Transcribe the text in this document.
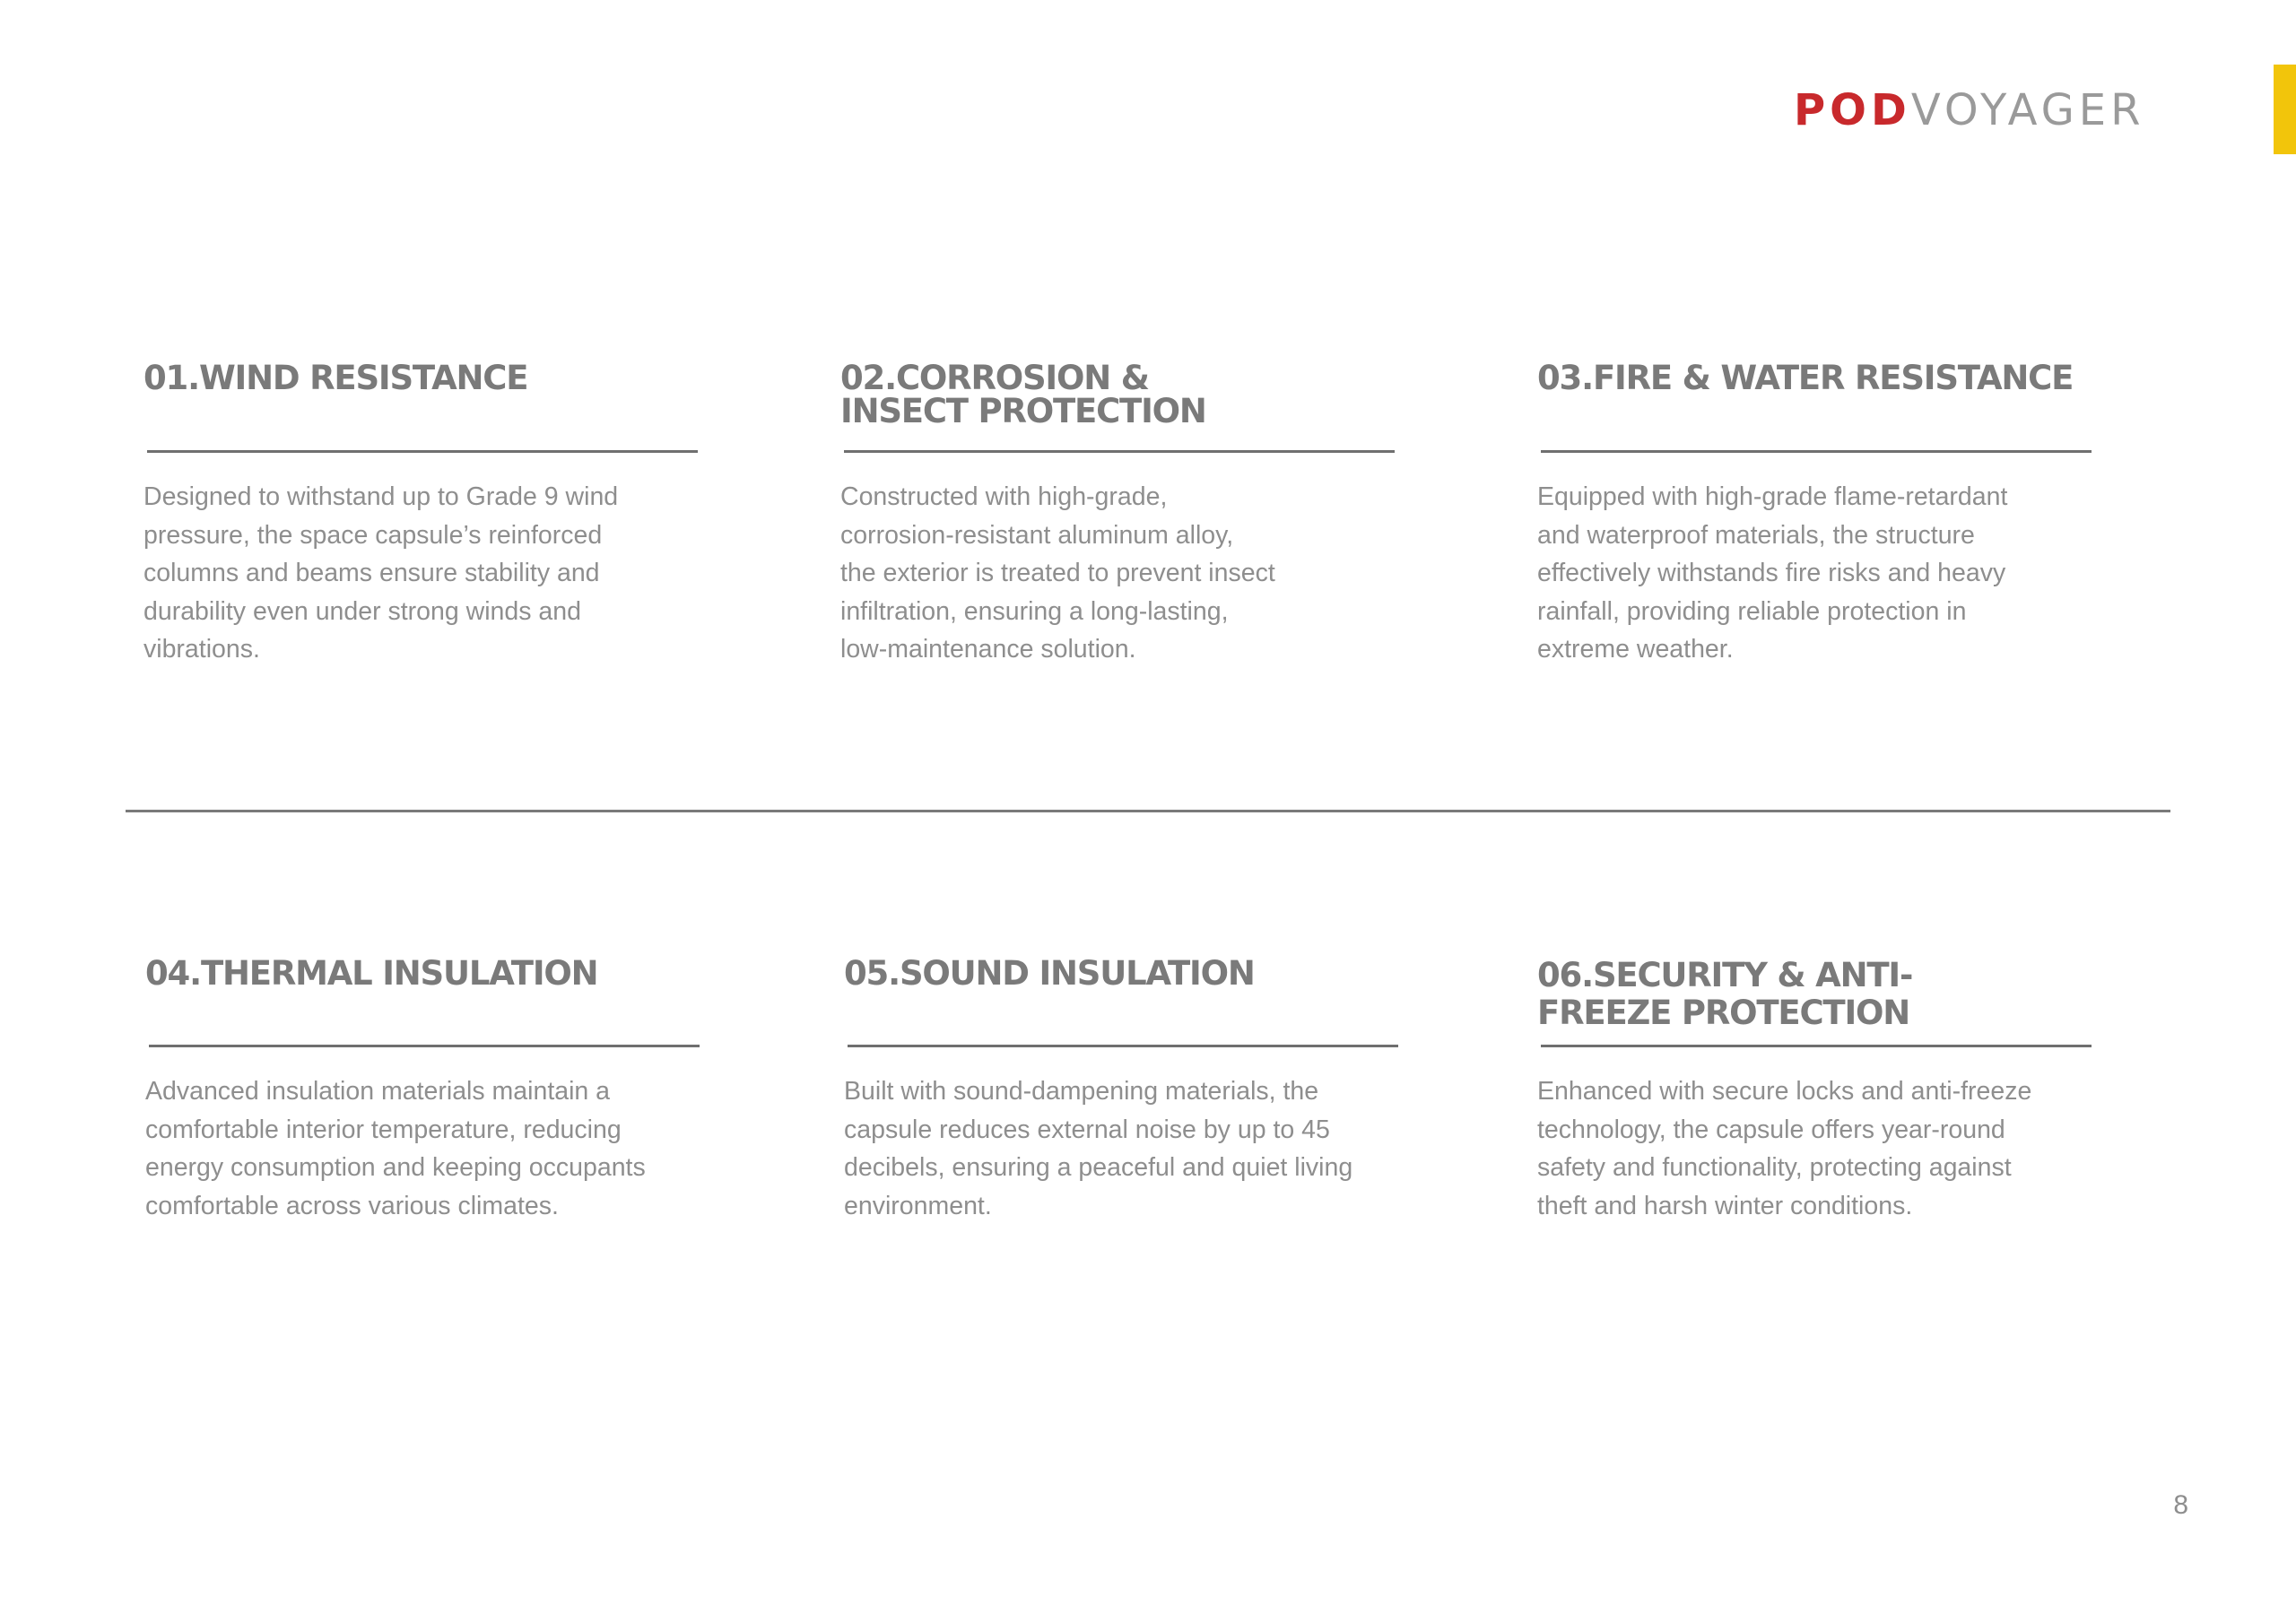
PODVOYAGER
01.WIND RESISTANCE

Designed to withstand up to Grade 9 wind
pressure, the space capsule’s reinforced
columns and beams ensure stability and
durability even under strong winds and
vibrations.

02.CORROSION & INSECT PROTECTION

Constructed with high-grade,
corrosion-resistant aluminum alloy,
the exterior is treated to prevent insect
infiltration, ensuring a long-lasting,
low-maintenance solution.

03.FIRE & WATER RESISTANCE

Equipped with high-grade flame-retardant
and waterproof materials, the structure
effectively withstands fire risks and heavy
rainfall, providing reliable protection in
extreme weather.

04.THERMAL INSULATION

Advanced insulation materials maintain a
comfortable interior temperature, reducing
energy consumption and keeping occupants
comfortable across various climates.

05.SOUND INSULATION

Built with sound-dampening materials, the
capsule reduces external noise by up to 45
decibels, ensuring a peaceful and quiet living
environment.

06.SECURITY & ANTI-FREEZE PROTECTION

Enhanced with secure locks and anti-freeze
technology, the capsule offers year-round
safety and functionality, protecting against
theft and harsh winter conditions.

8
